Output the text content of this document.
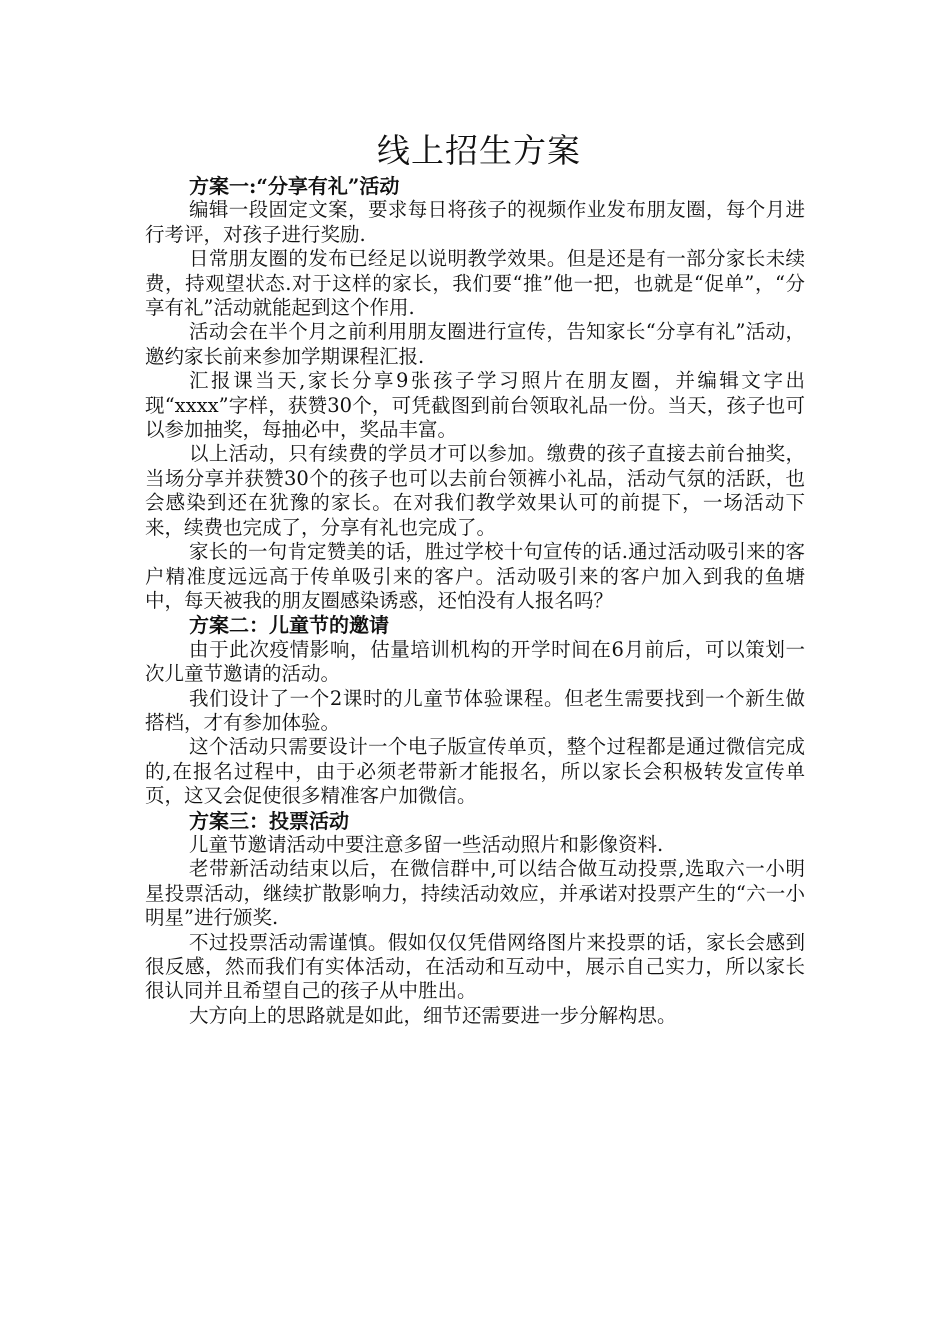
线上招生方案

方案一:“分享有礼”活动

编辑一段固定文案，要求每日将孩子的视频作业发布朋友圈，每个月进行考评，对孩子进行奖励.

日常朋友圈的发布已经足以说明教学效果。但是还是有一部分家长未续费，持观望状态.对于这样的家长，我们要“推”他一把，也就是“促单”，“分享有礼”活动就能起到这个作用.

活动会在半个月之前利用朋友圈进行宣传，告知家长“分享有礼”活动，邀约家长前来参加学期课程汇报.

汇报课当天,家长分享9张孩子学习照片在朋友圈，并编辑文字出现“xxxx”字样，获赞30个，可凭截图到前台领取礼品一份。当天，孩子也可以参加抽奖，每抽必中，奖品丰富。

以上活动，只有续费的学员才可以参加。缴费的孩子直接去前台抽奖，当场分享并获赞30个的孩子也可以去前台领裤小礼品，活动气氛的活跃，也会感染到还在犹豫的家长。在对我们教学效果认可的前提下，一场活动下来，续费也完成了，分享有礼也完成了。

家长的一句肯定赞美的话，胜过学校十句宣传的话.通过活动吸引来的客户精准度远远高于传单吸引来的客户。活动吸引来的客户加入到我的鱼塘中，每天被我的朋友圈感染诱惑，还怕没有人报名吗？

方案二：儿童节的邀请

由于此次疫情影响，估量培训机构的开学时间在6月前后，可以策划一次儿童节邀请的活动。

我们设计了一个2课时的儿童节体验课程。但老生需要找到一个新生做搭档，才有参加体验。

这个活动只需要设计一个电子版宣传单页，整个过程都是通过微信完成的,在报名过程中，由于必须老带新才能报名，所以家长会积极转发宣传单页，这又会促使很多精准客户加微信。

方案三：投票活动

儿童节邀请活动中要注意多留一些活动照片和影像资料.

老带新活动结束以后，在微信群中,可以结合做互动投票,选取六一小明星投票活动，继续扩散影响力，持续活动效应，并承诺对投票产生的“六一小明星”进行颁奖.

不过投票活动需谨慎。假如仅仅凭借网络图片来投票的话，家长会感到很反感，然而我们有实体活动，在活动和互动中，展示自己实力，所以家长很认同并且希望自己的孩子从中胜出。

大方向上的思路就是如此，细节还需要进一步分解构思。
